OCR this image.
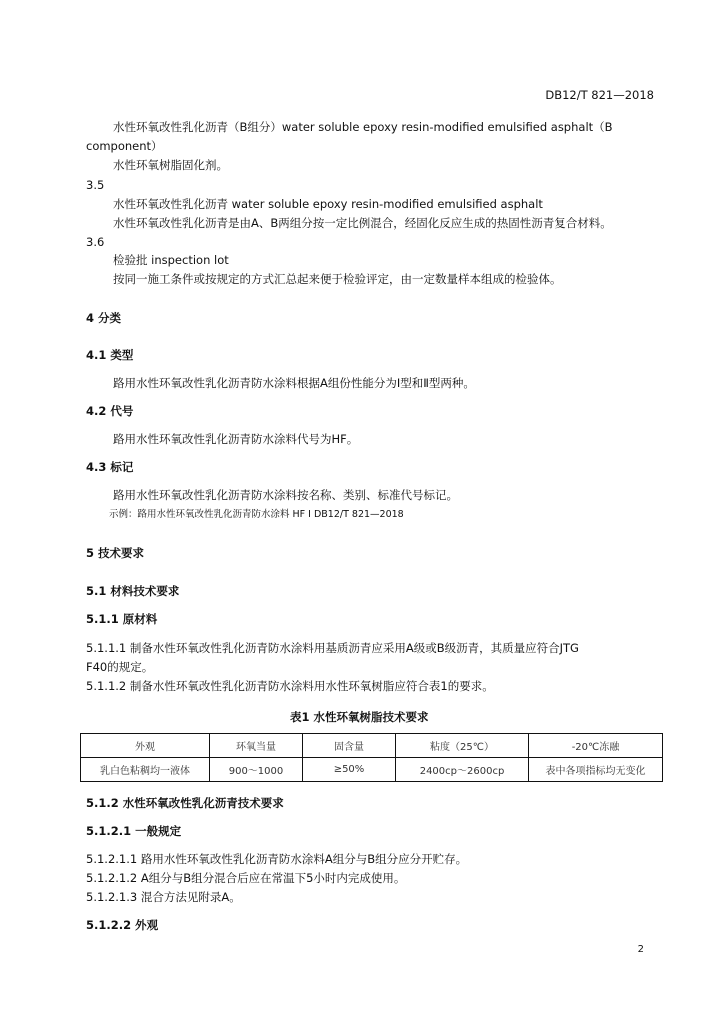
DB12/T 821—2018
水性环氧改性乳化沥青（B组分）water soluble epoxy resin-modified emulsified asphalt（B
component）
水性环氧树脂固化剂。
3.5
水性环氧改性乳化沥青 water soluble epoxy resin-modified emulsified asphalt
水性环氧改性乳化沥青是由A、B两组分按一定比例混合，经固化反应生成的热固性沥青复合材料。
3.6
检验批 inspection lot
按同一施工条件或按规定的方式汇总起来便于检验评定，由一定数量样本组成的检验体。
4 分类
4.1 类型
路用水性环氧改性乳化沥青防水涂料根据A组份性能分为Ⅰ型和Ⅱ型两种。
4.2 代号
路用水性环氧改性乳化沥青防水涂料代号为HF。
4.3 标记
路用水性环氧改性乳化沥青防水涂料按名称、类别、标准代号标记。
示例：路用水性环氧改性乳化沥青防水涂料 HF Ⅰ DB12/T 821—2018
5 技术要求
5.1 材料技术要求
5.1.1 原材料
5.1.1.1 制备水性环氧改性乳化沥青防水涂料用基质沥青应采用A级或B级沥青，其质量应符合JTG
F40的规定。
5.1.1.2 制备水性环氧改性乳化沥青防水涂料用水性环氧树脂应符合表1的要求。
表1 水性环氧树脂技术要求
外观	环氧当量	固含量	粘度（25℃）	-20℃冻融
乳白色粘稠均一液体	900～1000	≥50%	2400cp～2600cp	表中各项指标均无变化
5.1.2 水性环氧改性乳化沥青技术要求
5.1.2.1 一般规定
5.1.2.1.1 路用水性环氧改性乳化沥青防水涂料A组分与B组分应分开贮存。
5.1.2.1.2 A组分与B组分混合后应在常温下5小时内完成使用。
5.1.2.1.3 混合方法见附录A。
5.1.2.2 外观
2
